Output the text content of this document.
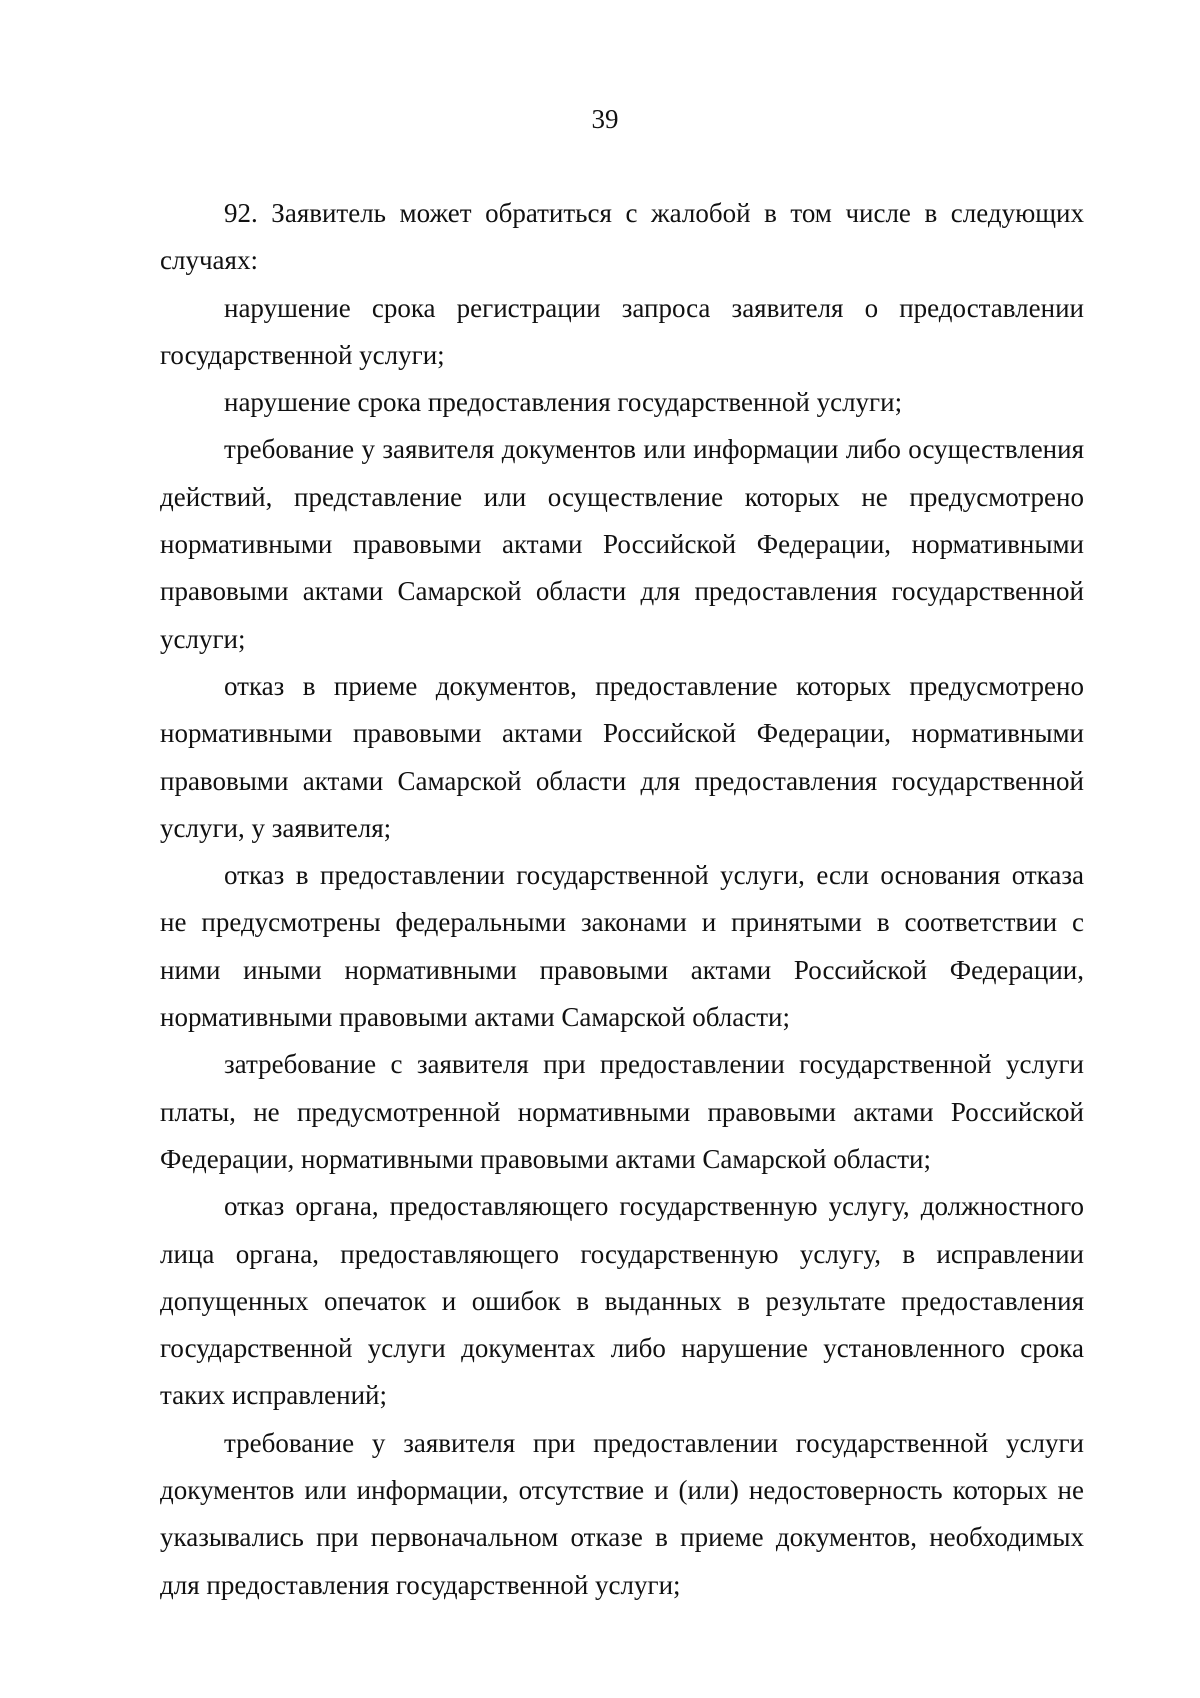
39

92. Заявитель может обратиться с жалобой в том числе в следующих случаях:

нарушение срока регистрации запроса заявителя о предоставлении государственной услуги;

нарушение срока предоставления государственной услуги;

требование у заявителя документов или информации либо осуществления действий, представление или осуществление которых не предусмотрено нормативными правовыми актами Российской Федерации, нормативными правовыми актами Самарской области для предоставления государственной услуги;

отказ в приеме документов, предоставление которых предусмотрено нормативными правовыми актами Российской Федерации, нормативными правовыми актами Самарской области для предоставления государственной услуги, у заявителя;

отказ в предоставлении государственной услуги, если основания отказа не предусмотрены федеральными законами и принятыми в соответствии с ними иными нормативными правовыми актами Российской Федерации, нормативными правовыми актами Самарской области;

затребование с заявителя при предоставлении государственной услуги платы, не предусмотренной нормативными правовыми актами Российской Федерации, нормативными правовыми актами Самарской области;

отказ органа, предоставляющего государственную услугу, должностного лица органа, предоставляющего государственную услугу, в исправлении допущенных опечаток и ошибок в выданных в результате предоставления государственной услуги документах либо нарушение установленного срока таких исправлений;

требование у заявителя при предоставлении государственной услуги документов или информации, отсутствие и (или) недостоверность которых не указывались при первоначальном отказе в приеме документов, необходимых для предоставления государственной услуги;
